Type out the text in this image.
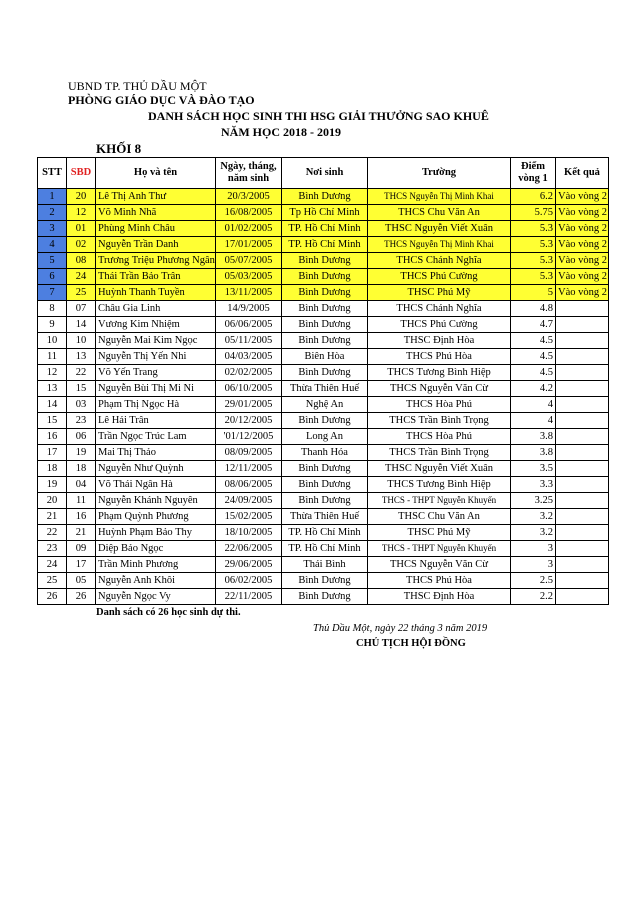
UBND TP. THỦ DẦU MỘT
PHÒNG GIÁO DỤC VÀ ĐÀO TẠO
DANH SÁCH HỌC SINH THI HSG GIẢI THƯỞNG SAO KHUÊ
NĂM HỌC 2018 - 2019
KHỐI 8
STT	SBD	Họ và tên	Ngày, tháng, năm sinh	Nơi sinh	Trường	Điểm vòng 1	Kết quả
1	20	Lê Thị Anh Thư	20/3/2005	Bình Dương	THCS Nguyễn Thị Minh Khai	6.2	Vào vòng 2
2	12	Võ Minh Nhã	16/08/2005	Tp Hồ Chí Minh	THCS Chu Văn An	5.75	Vào vòng 2
3	01	Phùng Minh Châu	01/02/2005	TP. Hồ Chí Minh	THSC Nguyễn Viết Xuân	5.3	Vào vòng 2
4	02	Nguyễn Trần Danh	17/01/2005	TP. Hồ Chí Minh	THCS Nguyễn Thị Minh Khai	5.3	Vào vòng 2
5	08	Trương Triệu Phương Ngân	05/07/2005	Bình Dương	THCS Chánh Nghĩa	5.3	Vào vòng 2
6	24	Thái Trần Bảo Trân	05/03/2005	Bình Dương	THCS Phú Cường	5.3	Vào vòng 2
7	25	Huỳnh Thanh Tuyền	13/11/2005	Bình Dương	THSC Phú Mỹ	5	Vào vòng 2
8	07	Châu Gia Linh	14/9/2005	Bình Dương	THCS Chánh Nghĩa	4.8	
9	14	Vương Kim Nhiệm	06/06/2005	Bình Dương	THCS Phú Cường	4.7	
10	10	Nguyễn Mai Kim Ngọc	05/11/2005	Bình Dương	THSC Định Hòa	4.5	
11	13	Nguyễn Thị Yến Nhi	04/03/2005	Biên Hòa	THCS Phú Hòa	4.5	
12	22	Võ Yến Trang	02/02/2005	Bình Dương	THCS Tương Bình Hiệp	4.5	
13	15	Nguyễn Bùi Thị Mi Ni	06/10/2005	Thừa Thiên Huế	THCS Nguyễn Văn Cừ	4.2	
14	03	Phạm Thị Ngọc Hà	29/01/2005	Nghệ An	THCS Hòa Phú	4	
15	23	Lê Hải Trân	20/12/2005	Bình Dương	THCS Trần Bình Trọng	4	
16	06	Trần Ngọc Trúc Lam	'01/12/2005	Long An	THCS Hòa Phú	3.8	
17	19	Mai Thị Thảo	08/09/2005	Thanh Hóa	THCS Trần Bình Trọng	3.8	
18	18	Nguyễn Như Quỳnh	12/11/2005	Bình Dương	THSC Nguyễn Viết Xuân	3.5	
19	04	Võ Thái Ngân Hà	08/06/2005	Bình Dương	THCS Tương Bình Hiệp	3.3	
20	11	Nguyễn Khánh Nguyên	24/09/2005	Bình Dương	THCS - THPT Nguyễn Khuyến	3.25	
21	16	Phạm Quỳnh Phương	15/02/2005	Thừa Thiên Huế	THSC Chu Văn An	3.2	
22	21	Huỳnh Phạm Bảo Thy	18/10/2005	TP. Hồ Chí Minh	THSC Phú Mỹ	3.2	
23	09	Diệp Bảo Ngọc	22/06/2005	TP. Hồ Chí Minh	THCS - THPT Nguyễn Khuyến	3	
24	17	Trần Minh Phương	29/06/2005	Thái Bình	THCS Nguyễn Văn Cừ	3	
25	05	Nguyễn Anh Khôi	06/02/2005	Bình Dương	THCS Phú Hòa	2.5	
26	26	Nguyễn Ngọc Vy	22/11/2005	Bình Dương	THSC Định Hòa	2.2	
Danh sách có 26 học sinh dự thi.
Thủ Dầu Một, ngày 22 tháng 3 năm 2019
CHỦ TỊCH HỘI ĐỒNG
